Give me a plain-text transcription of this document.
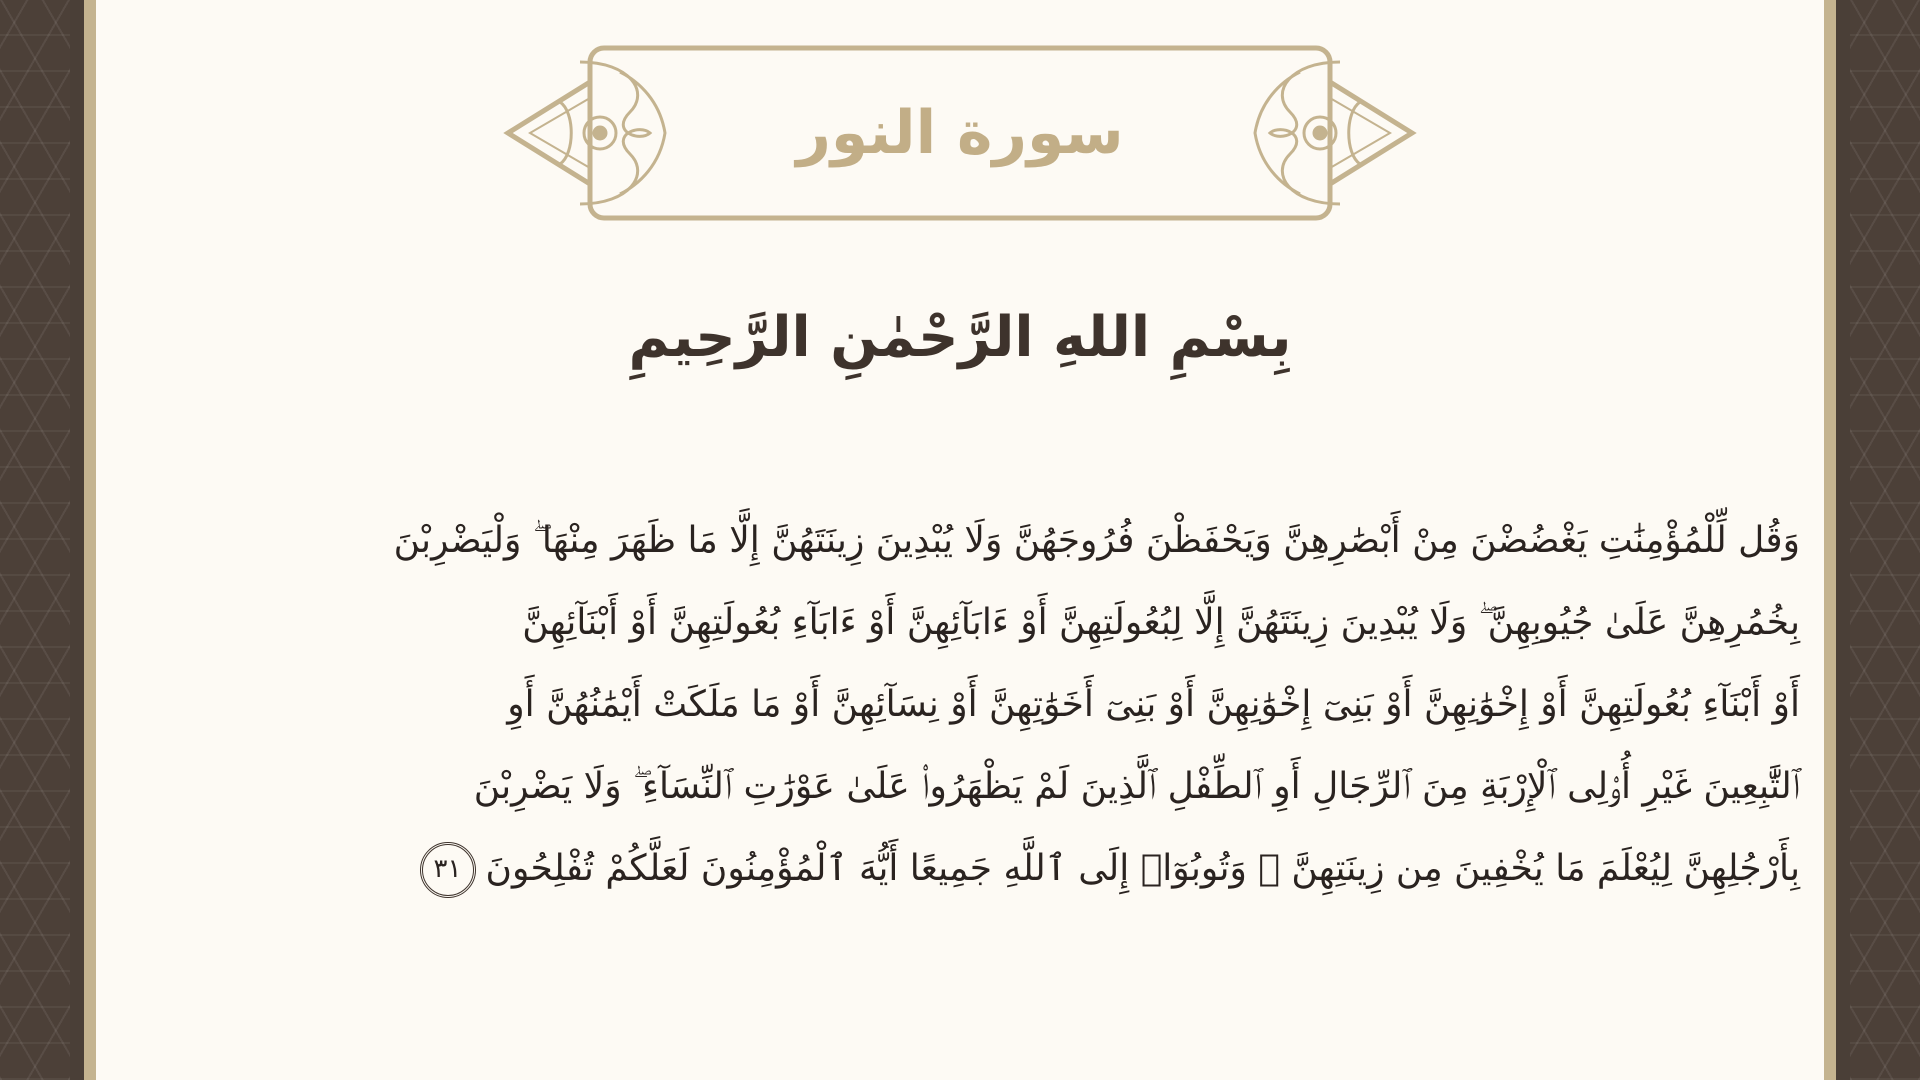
سورة النور
بِسْمِ اللهِ الرَّحْمٰنِ الرَّحِيمِ
وَقُل لِّلْمُؤْمِنَٰتِ يَغْضُضْنَ مِنْ أَبْصَٰرِهِنَّ وَيَحْفَظْنَ فُرُوجَهُنَّ وَلَا يُبْدِينَ زِينَتَهُنَّ إِلَّا مَا ظَهَرَ مِنْهَا ۖ وَلْيَضْرِبْنَ
بِخُمُرِهِنَّ عَلَىٰ جُيُوبِهِنَّ ۖ وَلَا يُبْدِينَ زِينَتَهُنَّ إِلَّا لِبُعُولَتِهِنَّ أَوْ ءَابَآئِهِنَّ أَوْ ءَابَآءِ بُعُولَتِهِنَّ أَوْ أَبْنَآئِهِنَّ
أَوْ أَبْنَآءِ بُعُولَتِهِنَّ أَوْ إِخْوَٰنِهِنَّ أَوْ بَنِىٓ إِخْوَٰنِهِنَّ أَوْ بَنِىٓ أَخَوَٰتِهِنَّ أَوْ نِسَآئِهِنَّ أَوْ مَا مَلَكَتْ أَيْمَٰنُهُنَّ أَوِ
ٱلتَّٰبِعِينَ غَيْرِ أُو۟لِى ٱلْإِرْبَةِ مِنَ ٱلرِّجَالِ أَوِ ٱلطِّفْلِ ٱلَّذِينَ لَمْ يَظْهَرُوا۟ عَلَىٰ عَوْرَٰتِ ٱلنِّسَآءِ ۖ وَلَا يَضْرِبْنَ
بِأَرْجُلِهِنَّ لِيُعْلَمَ مَا يُخْفِينَ مِن زِينَتِهِنَّ ۚ وَتُوبُوٓا۟ إِلَى ٱللَّهِ جَمِيعًا أَيُّهَ ٱلْمُؤْمِنُونَ لَعَلَّكُمْ تُفْلِحُونَ٣١
